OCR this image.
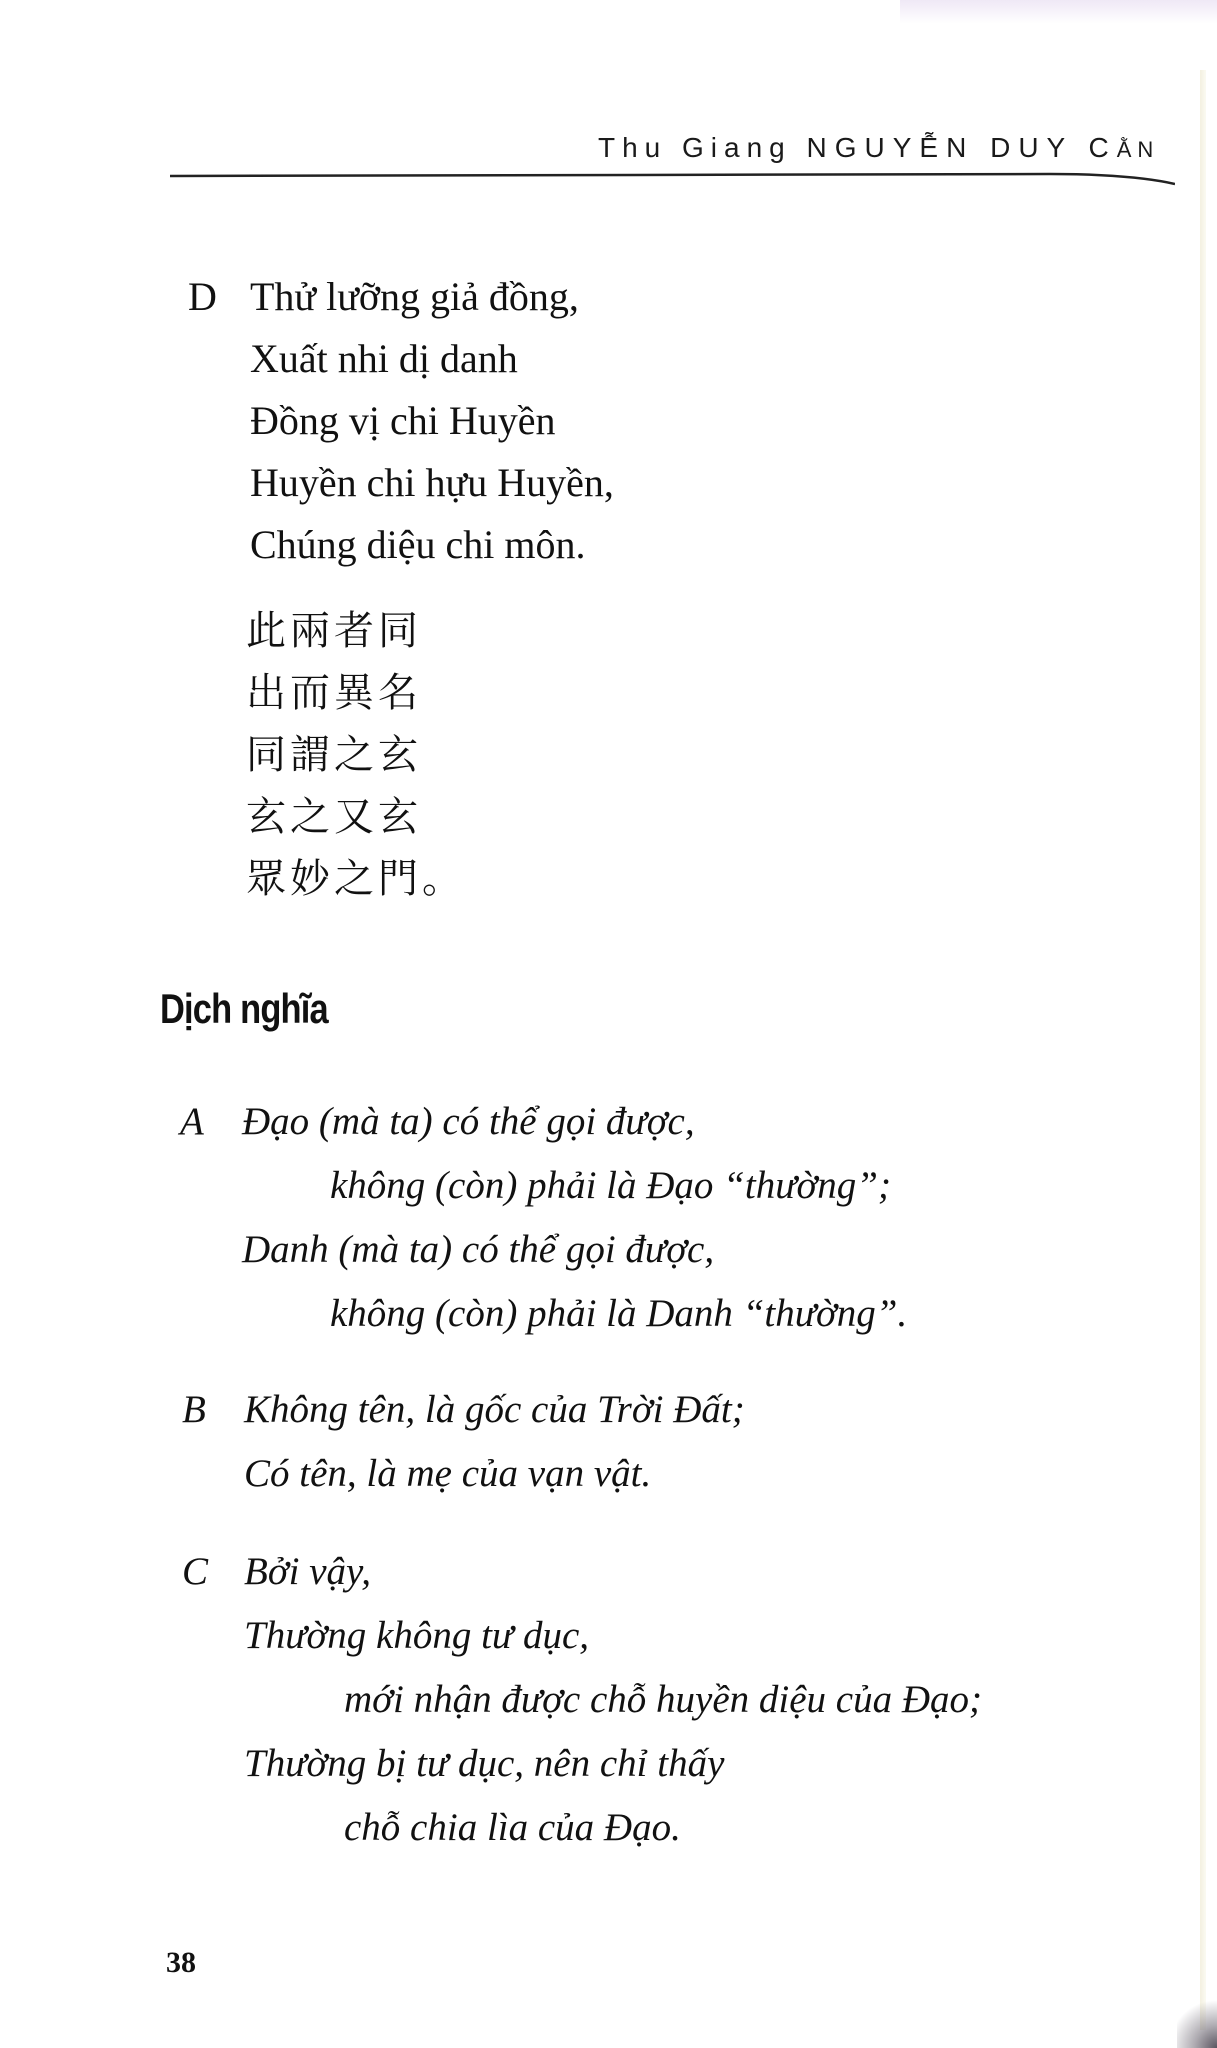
Thu Giang NGUYỄN DUY CẰN
D Thử lưỡng giả đồng,
Xuất nhi dị danh
Đồng vị chi Huyền
Huyền chi hựu Huyền,
Chúng diệu chi môn.
此兩者同
出而異名
同謂之玄
玄之又玄
眾妙之門。
Dịch nghĩa
A Đạo (mà ta) có thể gọi được,
không (còn) phải là Đạo “thường”;
Danh (mà ta) có thể gọi được,
không (còn) phải là Danh “thường”.
B Không tên, là gốc của Trời Đất;
Có tên, là mẹ của vạn vật.
C Bởi vậy,
Thường không tư dục,
mới nhận được chỗ huyền diệu của Đạo;
Thường bị tư dục, nên chỉ thấy
chỗ chia lìa của Đạo.
38
